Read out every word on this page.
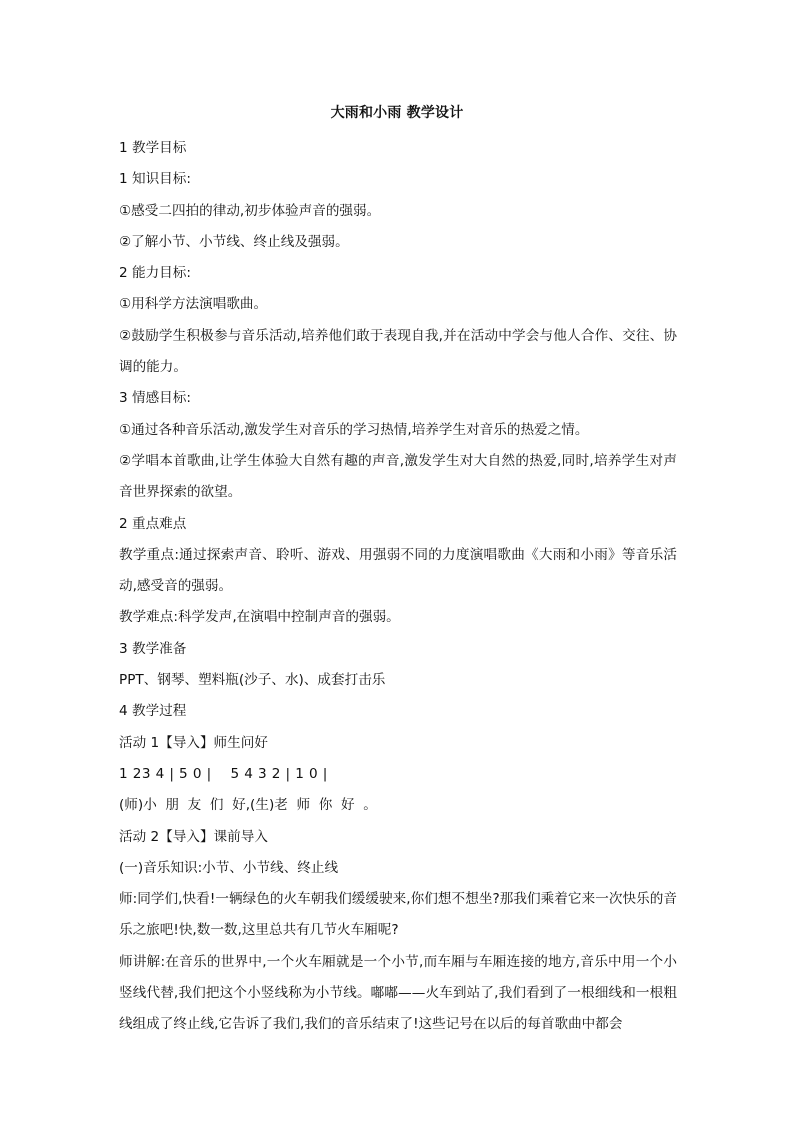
大雨和小雨 教学设计
1 教学目标
1 知识目标:
①感受二四拍的律动,初步体验声音的强弱。
②了解小节、小节线、终止线及强弱。
2 能力目标:
①用科学方法演唱歌曲。
②鼓励学生积极参与音乐活动,培养他们敢于表现自我,并在活动中学会与他人合作、交往、协调的能力。
3 情感目标:
①通过各种音乐活动,激发学生对音乐的学习热情,培养学生对音乐的热爱之情。
②学唱本首歌曲,让学生体验大自然有趣的声音,激发学生对大自然的热爱,同时,培养学生对声音世界探索的欲望。
2 重点难点
教学重点:通过探索声音、聆听、游戏、用强弱不同的力度演唱歌曲《大雨和小雨》等音乐活动,感受音的强弱。
教学难点:科学发声,在演唱中控制声音的强弱。
3 教学准备
PPT、钢琴、塑料瓶(沙子、水)、成套打击乐
4 教学过程
活动 1【导入】师生问好
1 23 4 | 5 0 |    5 4 3 2 | 1 0 |
(师)小  朋  友  们  好,(生)老  师  你  好  。
活动 2【导入】课前导入
(一)音乐知识:小节、小节线、终止线
师:同学们,快看!一辆绿色的火车朝我们缓缓驶来,你们想不想坐?那我们乘着它来一次快乐的音乐之旅吧!快,数一数,这里总共有几节火车厢呢?
师讲解:在音乐的世界中,一个火车厢就是一个小节,而车厢与车厢连接的地方,音乐中用一个小竖线代替,我们把这个小竖线称为小节线。嘟嘟——火车到站了,我们看到了一根细线和一根粗线组成了终止线,它告诉了我们,我们的音乐结束了!这些记号在以后的每首歌曲中都会
